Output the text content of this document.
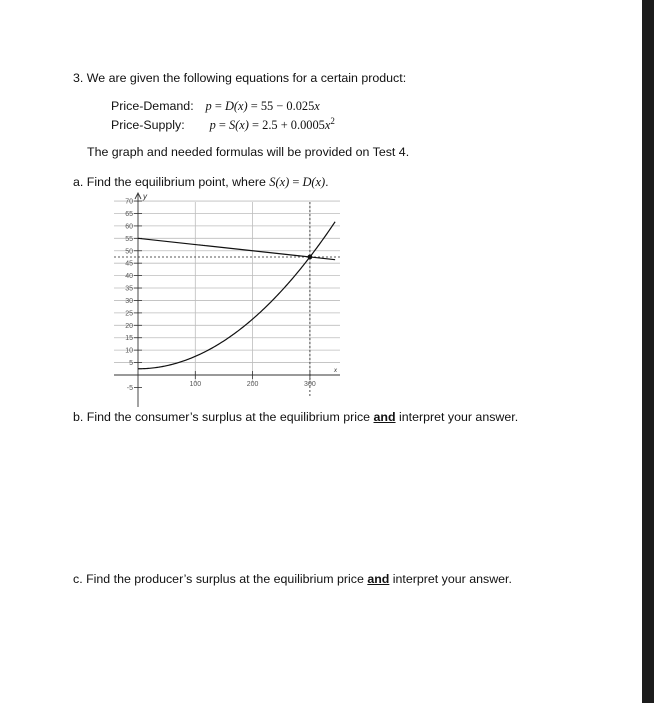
3. We are given the following equations for a certain product:
Price-Demand: p = D(x) = 55 − 0.025x
Price-Supply: $p = S(x) = 2.5 + 0.0005x^2$
The graph and needed formulas will be provided on Test 4.
a. Find the equilibrium point, where S(x) = D(x).
y
x
-5
5
10
15
20
25
30
35
40
45
50
55
60
65
70
100	200	300
b. Find the consumer’s surplus at the equilibrium price and interpret your answer.
c. Find the producer’s surplus at the equilibrium price and interpret your answer.
